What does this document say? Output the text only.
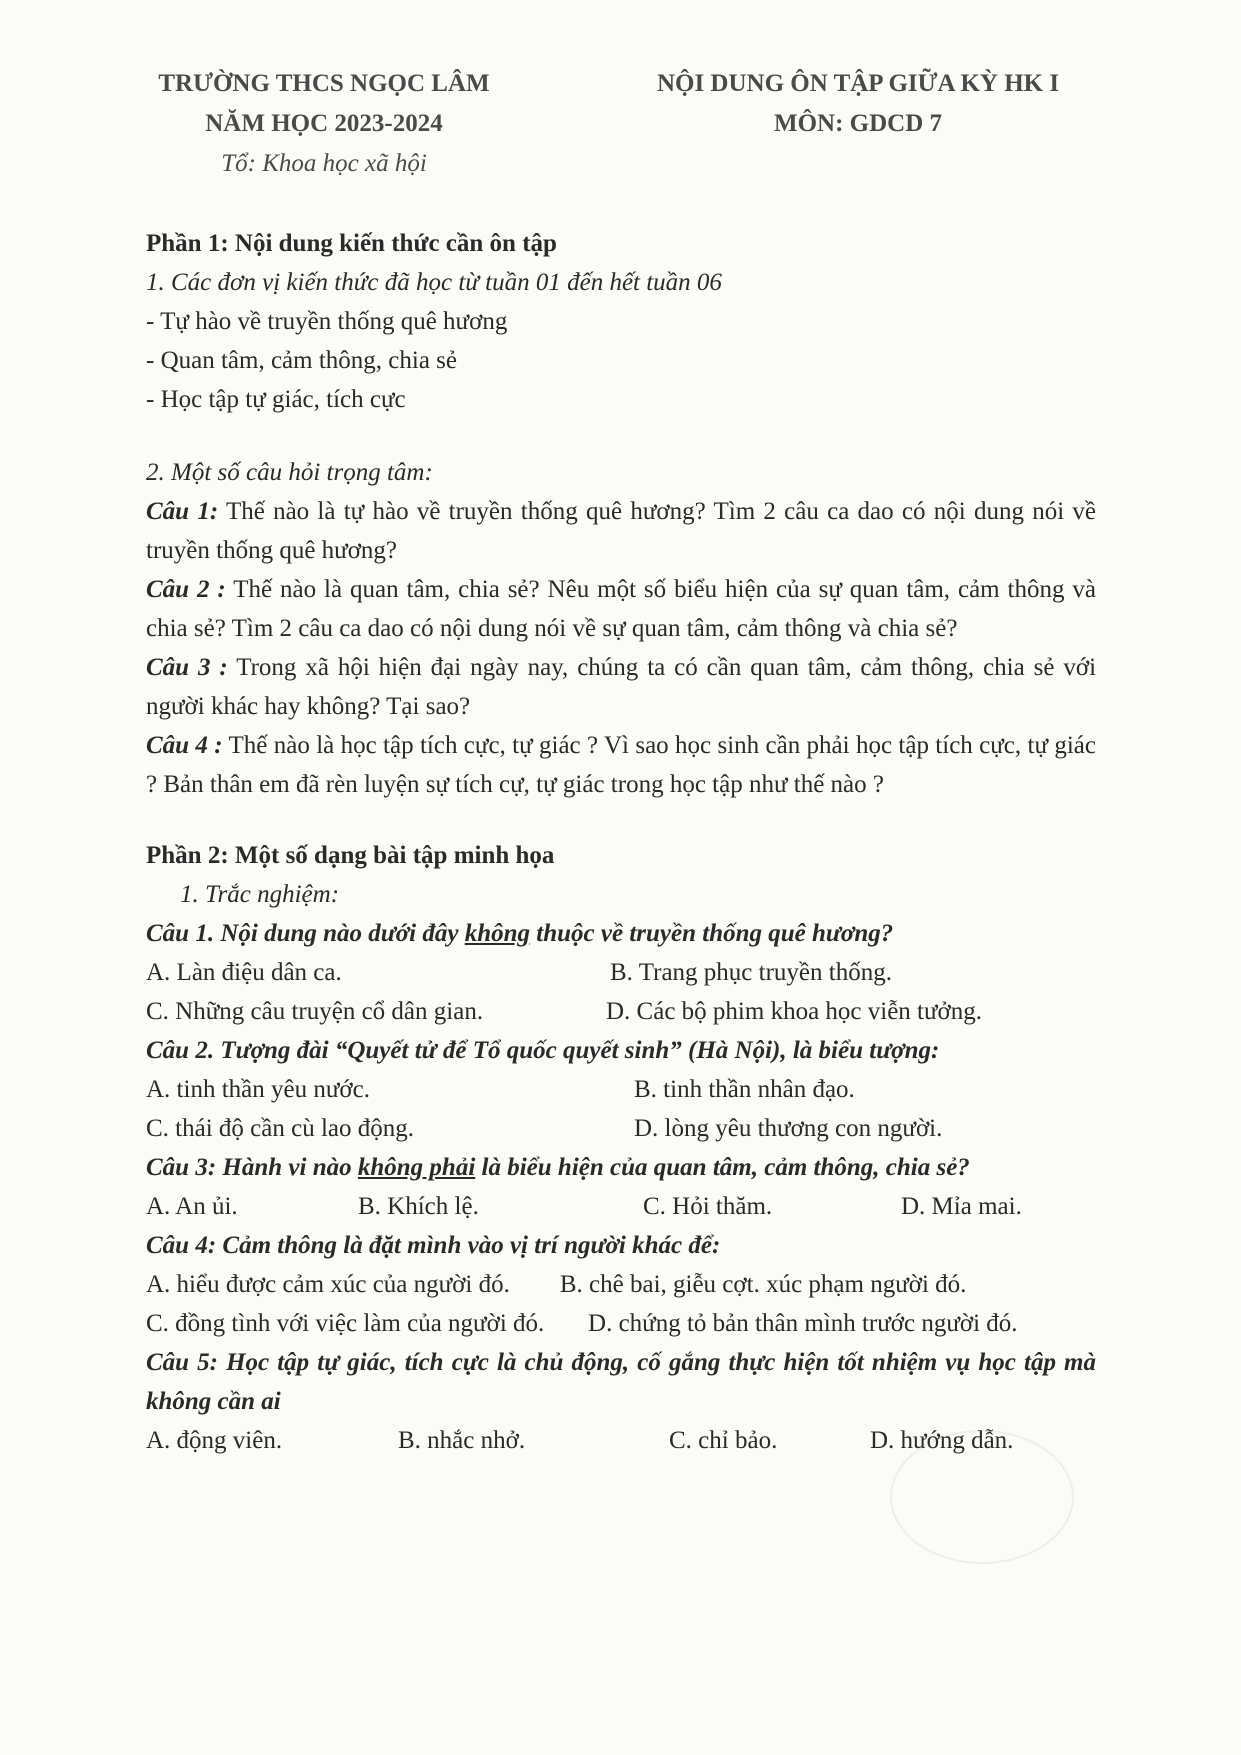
TRƯỜNG THCS NGỌC LÂM
NĂM HỌC 2023-2024
Tổ: Khoa học xã hội
NỘI DUNG ÔN TẬP GIỮA KỲ HK I
MÔN: GDCD 7
Phần 1: Nội dung kiến thức cần ôn tập
1. Các đơn vị kiến thức đã học từ tuần 01 đến hết tuần 06
- Tự hào về truyền thống quê hương
- Quan tâm, cảm thông, chia sẻ
- Học tập tự giác, tích cực
2. Một số câu hỏi trọng tâm:
Câu 1: Thế nào là tự hào về truyền thống quê hương? Tìm 2 câu ca dao có nội dung nói về truyền thống quê hương?
Câu 2 : Thế nào là quan tâm, chia sẻ? Nêu một số biểu hiện của sự quan tâm, cảm thông và chia sẻ? Tìm 2 câu ca dao có nội dung nói về sự quan tâm, cảm thông và chia sẻ?
Câu 3 : Trong xã hội hiện đại ngày nay, chúng ta có cần quan tâm, cảm thông, chia sẻ với người khác hay không? Tại sao?
Câu 4 : Thế nào là học tập tích cực, tự giác ? Vì sao học sinh cần phải học tập tích cực, tự giác ? Bản thân em đã rèn luyện sự tích cự, tự giác trong học tập như thế nào ?
Phần 2: Một số dạng bài tập minh họa
1. Trắc nghiệm:
Câu 1. Nội dung nào dưới đây không thuộc về truyền thống quê hương?
A. Làn điệu dân ca.	B. Trang phục truyền thống.
C. Những câu truyện cổ dân gian.	D. Các bộ phim khoa học viễn tưởng.
Câu 2. Tượng đài “Quyết tử để Tổ quốc quyết sinh” (Hà Nội), là biểu tượng:
A. tinh thần yêu nước.	B. tinh thần nhân đạo.
C. thái độ cần cù lao động.	D. lòng yêu thương con người.
Câu 3: Hành vi nào không phải là biểu hiện của quan tâm, cảm thông, chia sẻ?
A. An ủi.	B. Khích lệ.	C. Hỏi thăm.	D. Mỉa mai.
Câu 4: Cảm thông là đặt mình vào vị trí người khác để:
A. hiểu được cảm xúc của người đó. B. chê bai, giễu cợt. xúc phạm người đó.
C. đồng tình với việc làm của người đó. D. chứng tỏ bản thân mình trước người đó.
Câu 5: Học tập tự giác, tích cực là chủ động, cố gắng thực hiện tốt nhiệm vụ học tập mà không cần ai
A. động viên.	B. nhắc nhở.	C. chỉ bảo.	D. hướng dẫn.
